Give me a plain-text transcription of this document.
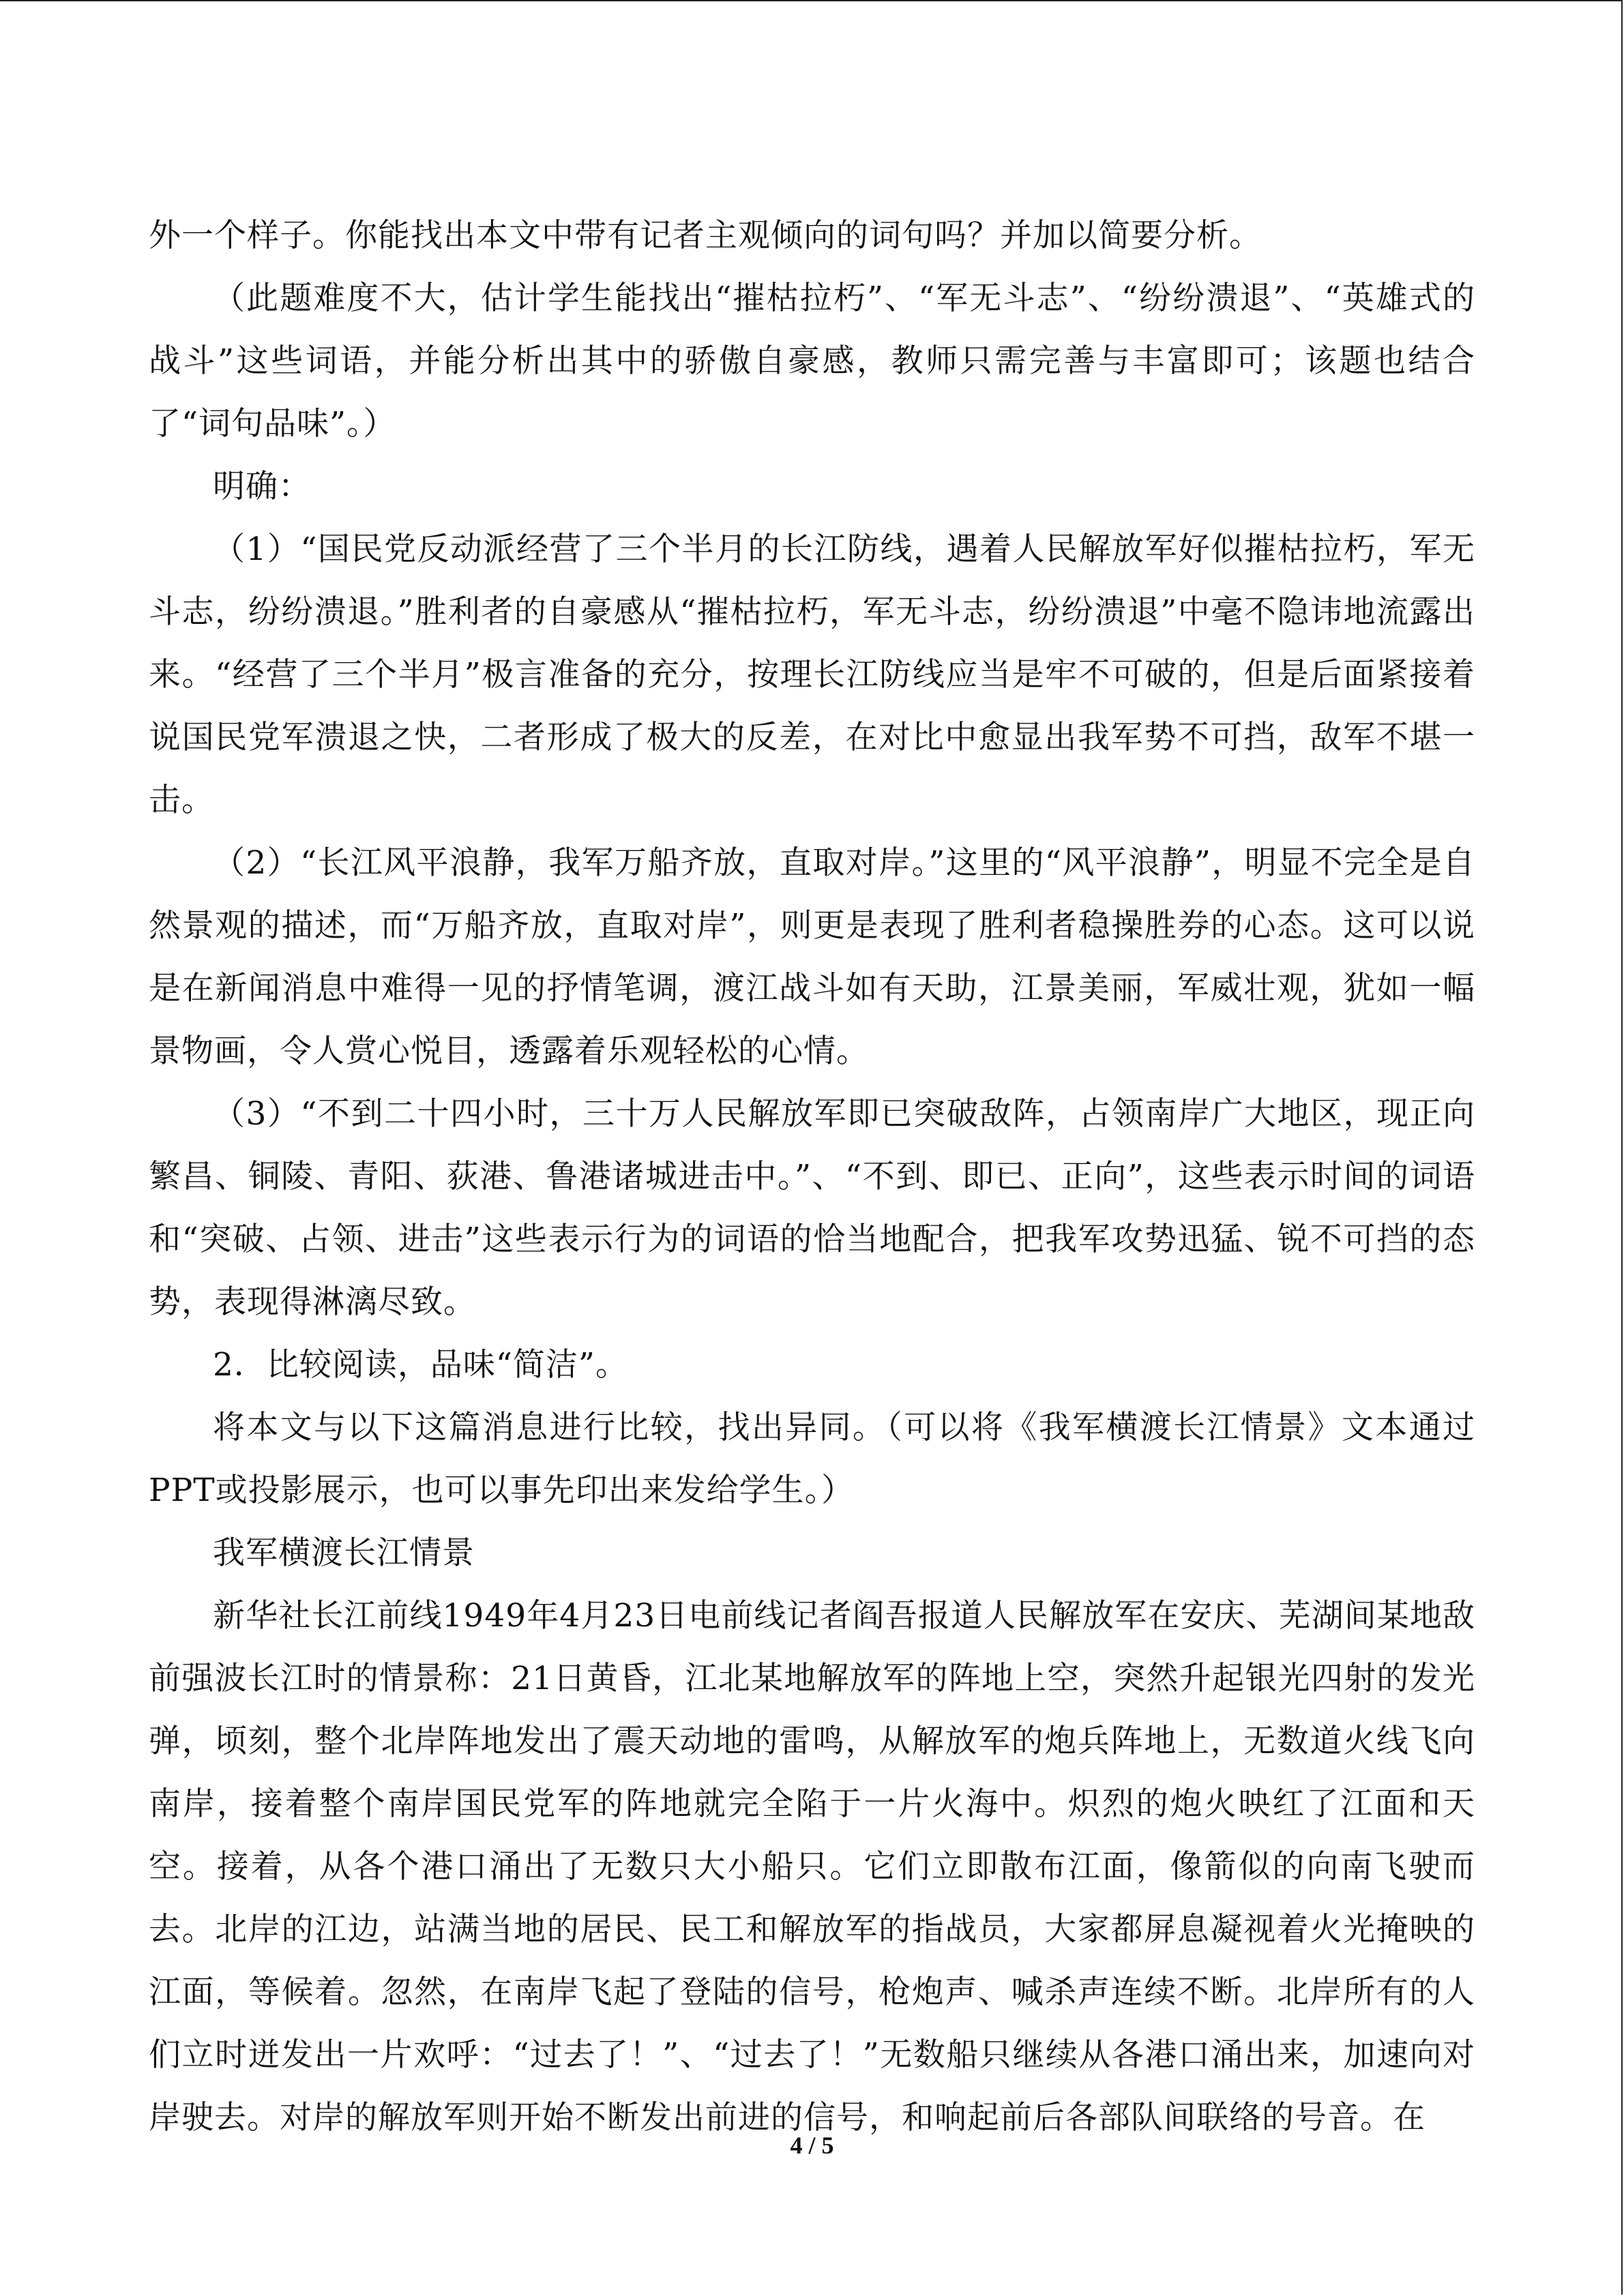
外一个样子。你能找出本文中带有记者主观倾向的词句吗？并加以简要分析。

（此题难度不大，估计学生能找出“摧枯拉朽”、“军无斗志”、“纷纷溃退”、“英雄式的战斗”这些词语，并能分析出其中的骄傲自豪感，教师只需完善与丰富即可；该题也结合了“词句品味”。）

明确：

（1）“国民党反动派经营了三个半月的长江防线，遇着人民解放军好似摧枯拉朽，军无斗志，纷纷溃退。”胜利者的自豪感从“摧枯拉朽，军无斗志，纷纷溃退”中毫不隐讳地流露出来。“经营了三个半月”极言准备的充分，按理长江防线应当是牢不可破的，但是后面紧接着说国民党军溃退之快，二者形成了极大的反差，在对比中愈显出我军势不可挡，敌军不堪一击。

（2）“长江风平浪静，我军万船齐放，直取对岸。”这里的“风平浪静”，明显不完全是自然景观的描述，而“万船齐放，直取对岸”，则更是表现了胜利者稳操胜券的心态。这可以说是在新闻消息中难得一见的抒情笔调，渡江战斗如有天助，江景美丽，军威壮观，犹如一幅景物画，令人赏心悦目，透露着乐观轻松的心情。

（3）“不到二十四小时，三十万人民解放军即已突破敌阵，占领南岸广大地区，现正向繁昌、铜陵、青阳、荻港、鲁港诸城进击中。”、“不到、即已、正向”，这些表示时间的词语和“突破、占领、进击”这些表示行为的词语的恰当地配合，把我军攻势迅猛、锐不可挡的态势，表现得淋漓尽致。

2．比较阅读，品味“简洁”。

将本文与以下这篇消息进行比较，找出异同。（可以将《我军横渡长江情景》文本通过PPT或投影展示，也可以事先印出来发给学生。）

我军横渡长江情景

新华社长江前线1949年4月23日电前线记者阎吾报道人民解放军在安庆、芜湖间某地敌前强波长江时的情景称：21日黄昏，江北某地解放军的阵地上空，突然升起银光四射的发光弹，顷刻，整个北岸阵地发出了震天动地的雷鸣，从解放军的炮兵阵地上，无数道火线飞向南岸，接着整个南岸国民党军的阵地就完全陷于一片火海中。炽烈的炮火映红了江面和天空。接着，从各个港口涌出了无数只大小船只。它们立即散布江面，像箭似的向南飞驶而去。北岸的江边，站满当地的居民、民工和解放军的指战员，大家都屏息凝视着火光掩映的江面，等候着。忽然，在南岸飞起了登陆的信号，枪炮声、喊杀声连续不断。北岸所有的人们立时迸发出一片欢呼：“过去了！”、“过去了！”无数船只继续从各港口涌出来，加速向对岸驶去。对岸的解放军则开始不断发出前进的信号，和响起前后各部队间联络的号音。在

4 / 5
